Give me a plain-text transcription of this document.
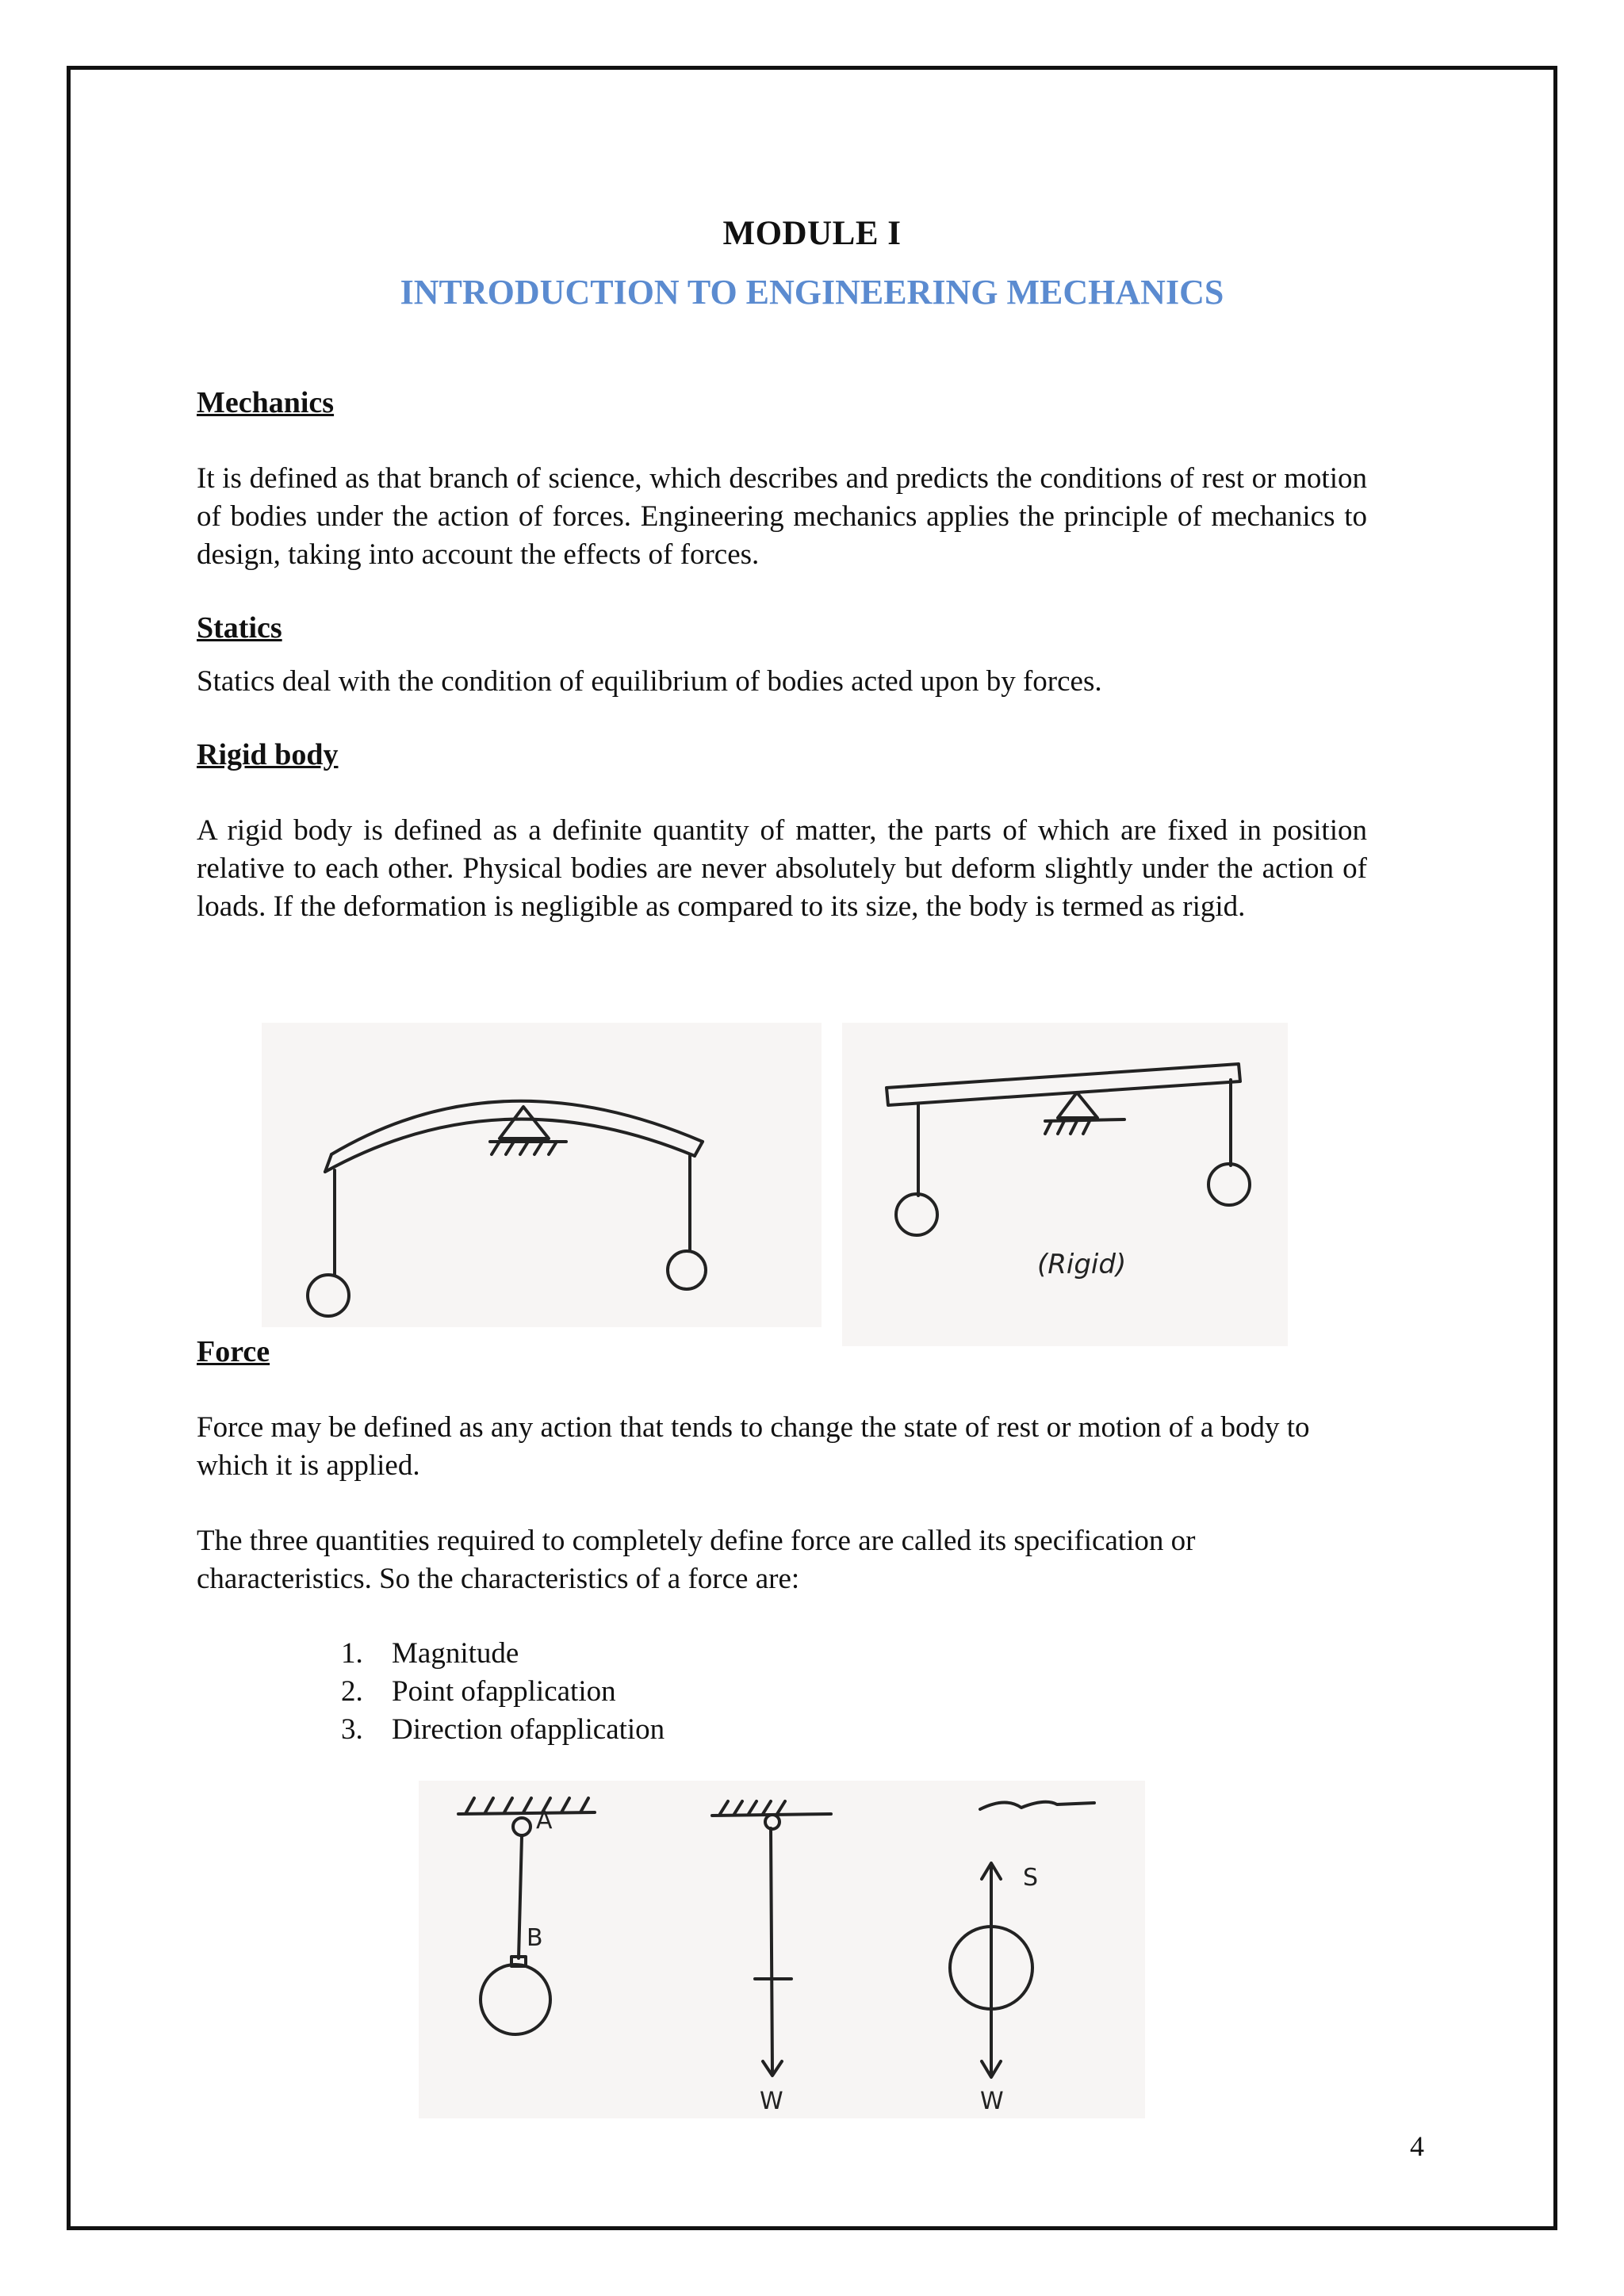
MODULE I
INTRODUCTION TO ENGINEERING MECHANICS
Mechanics
It is defined as that branch of science, which describes and predicts the conditions of rest or motion of bodies under the action of forces. Engineering mechanics applies the principle of mechanics to design, taking into account the effects of forces.
Statics
Statics deal with the condition of equilibrium of bodies acted upon by forces.
Rigid body
A rigid body is defined as a definite quantity of matter, the parts of which are fixed in position relative to each other. Physical bodies are never absolutely but deform slightly under the action of loads. If the deformation is negligible as compared to its size, the body is termed as rigid.
(Rigid)
Force
Force may be defined as any action that tends to change the state of rest or motion of a body to which it is applied.
The three quantities required to completely define force are called its specification or characteristics. So the characteristics of a force are:
1. Magnitude
2. Point ofapplication
3. Direction ofapplication
A
B
W
S
W
4
